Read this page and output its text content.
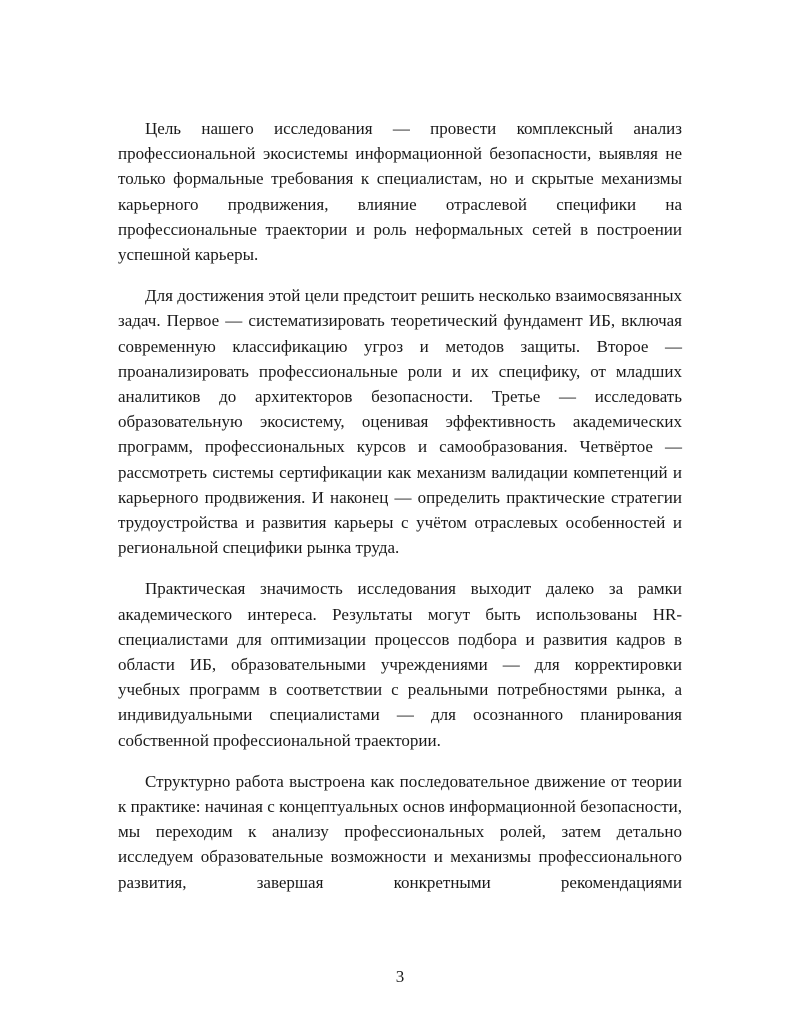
Цель нашего исследования — провести комплексный анализ профессиональной экосистемы информационной безопасности, выявляя не только формальные требования к специалистам, но и скрытые механизмы карьерного продвижения, влияние отраслевой специфики на профессиональные траектории и роль неформальных сетей в построении успешной карьеры.

Для достижения этой цели предстоит решить несколько взаимосвязанных задач. Первое — систематизировать теоретический фундамент ИБ, включая современную классификацию угроз и методов защиты. Второе — проанализировать профессиональные роли и их специфику, от младших аналитиков до архитекторов безопасности. Третье — исследовать образовательную экосистему, оценивая эффективность академических программ, профессиональных курсов и самообразования. Четвёртое — рассмотреть системы сертификации как механизм валидации компетенций и карьерного продвижения. И наконец — определить практические стратегии трудоустройства и развития карьеры с учётом отраслевых особенностей и региональной специфики рынка труда.

Практическая значимость исследования выходит далеко за рамки академического интереса. Результаты могут быть использованы HR-специалистами для оптимизации процессов подбора и развития кадров в области ИБ, образовательными учреждениями — для корректировки учебных программ в соответствии с реальными потребностями рынка, а индивидуальными специалистами — для осознанного планирования собственной профессиональной траектории.

Структурно работа выстроена как последовательное движение от теории к практике: начиная с концептуальных основ информационной безопасности, мы переходим к анализу профессиональных ролей, затем детально исследуем образовательные возможности и механизмы профессионального развития, завершая конкретными рекомендациями

3
